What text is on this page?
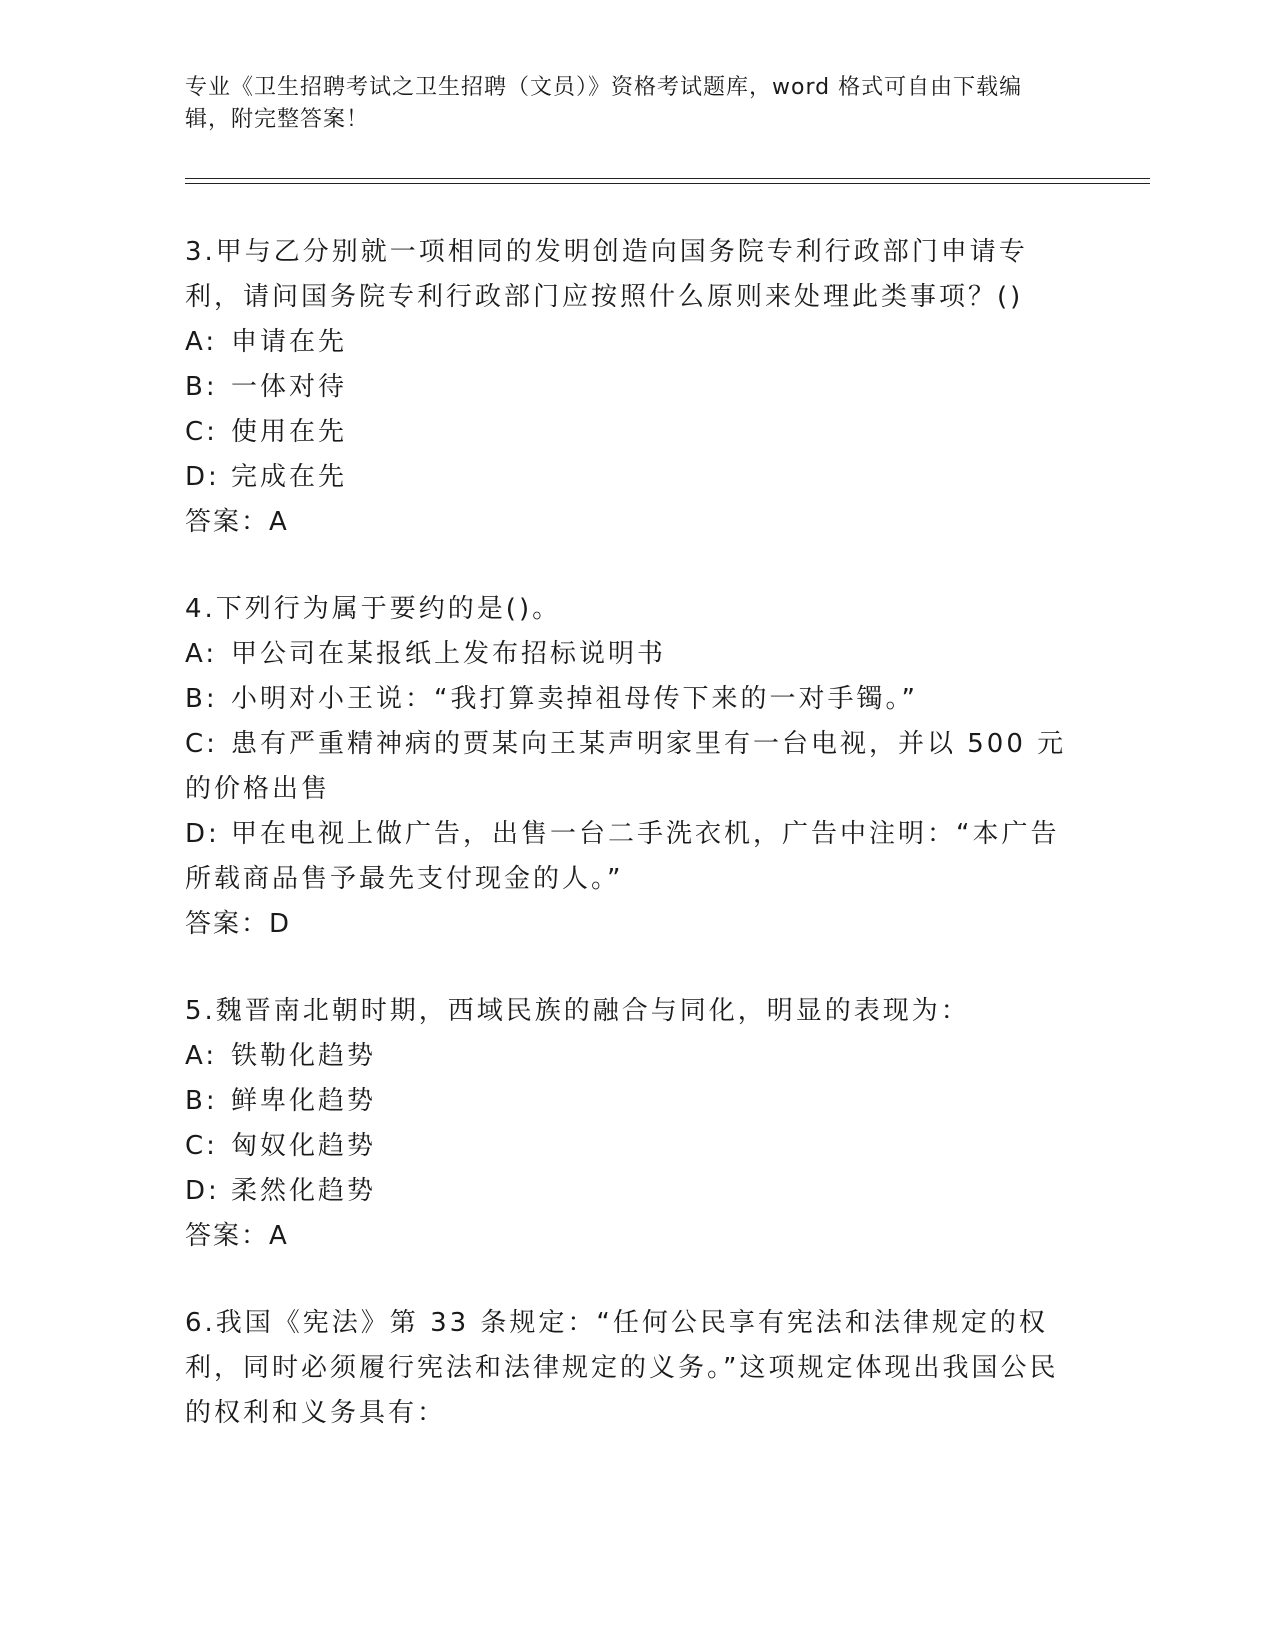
专业《卫生招聘考试之卫生招聘（文员）》资格考试题库，word 格式可自由下载编辑，附完整答案！

3.甲与乙分别就一项相同的发明创造向国务院专利行政部门申请专利，请问国务院专利行政部门应按照什么原则来处理此类事项？()

A: 申请在先

B: 一体对待

C: 使用在先

D: 完成在先

答案：A

4.下列行为属于要约的是()。

A: 甲公司在某报纸上发布招标说明书

B: 小明对小王说：“我打算卖掉祖母传下来的一对手镯。”

C: 患有严重精神病的贾某向王某声明家里有一台电视，并以 500 元的价格出售

D: 甲在电视上做广告，出售一台二手洗衣机，广告中注明：“本广告所载商品售予最先支付现金的人。”

答案：D

5.魏晋南北朝时期，西域民族的融合与同化，明显的表现为：

A: 铁勒化趋势

B: 鲜卑化趋势

C: 匈奴化趋势

D: 柔然化趋势

答案：A

6.我国《宪法》第 33 条规定：“任何公民享有宪法和法律规定的权利，同时必须履行宪法和法律规定的义务。”这项规定体现出我国公民的权利和义务具有：
